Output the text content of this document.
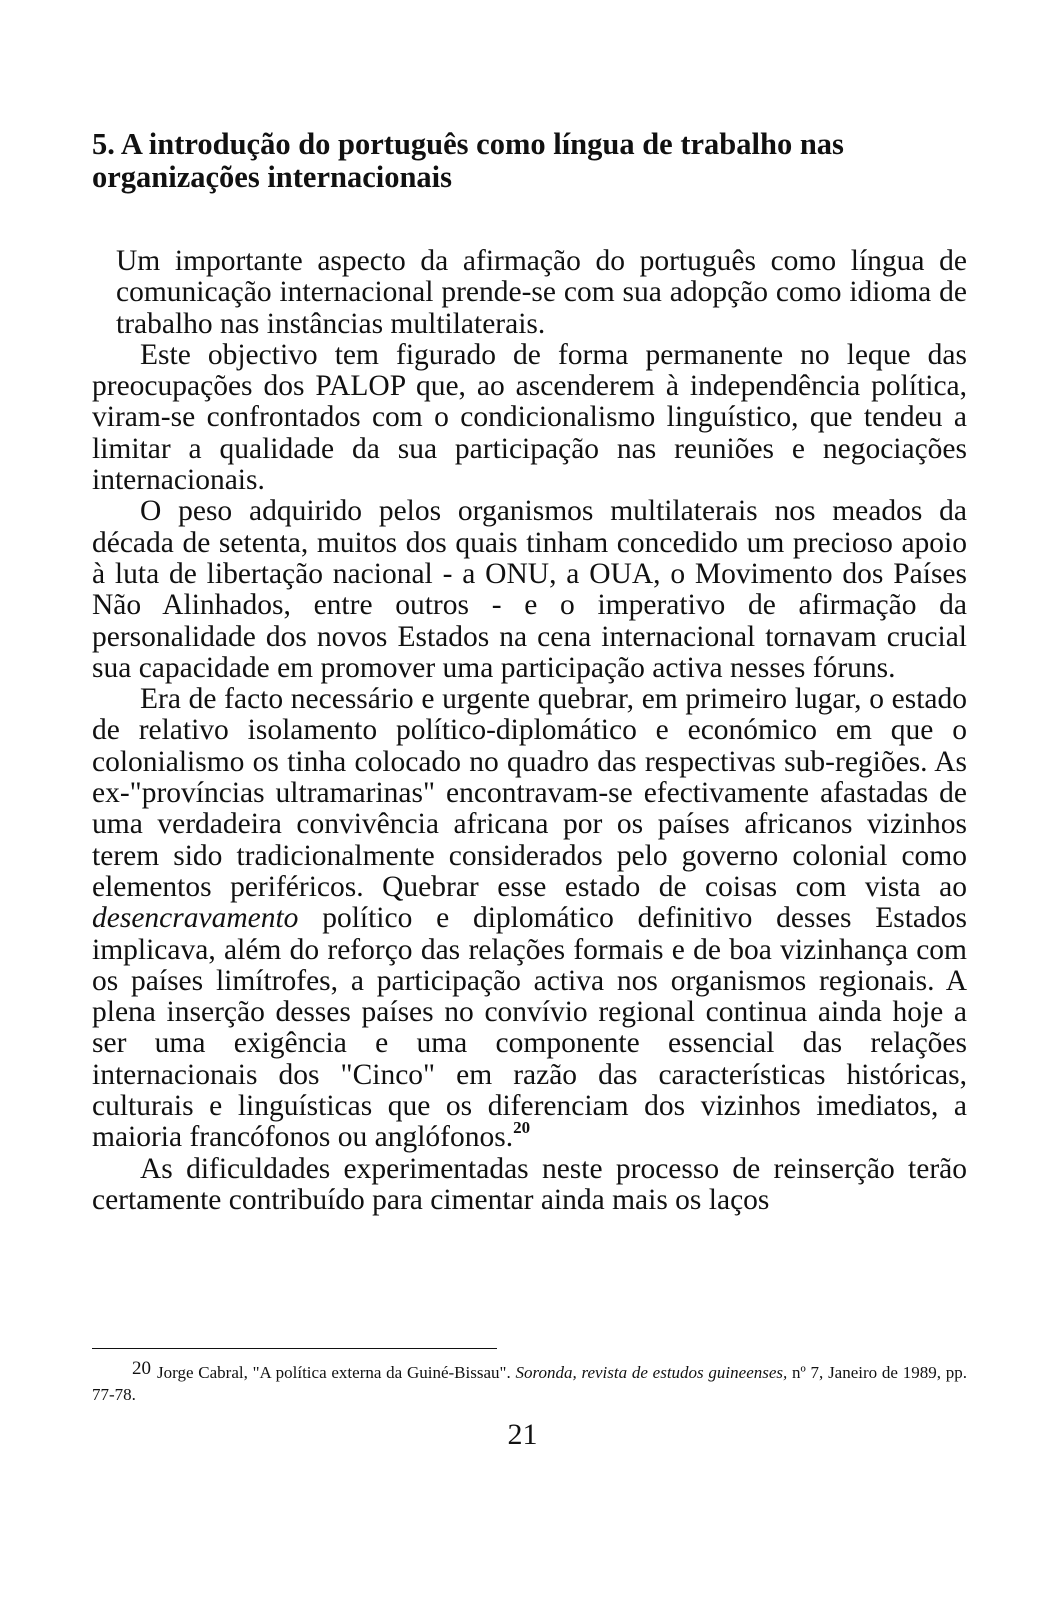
5. A introdução do português como língua de trabalho nas organizações internacionais

Um importante aspecto da afirmação do português como língua de comunicação internacional prende-se com sua adopção como idioma de trabalho nas instâncias multilaterais.

Este objectivo tem figurado de forma permanente no leque das preocupações dos PALOP que, ao ascenderem à independência política, viram-se confrontados com o condicionalismo linguístico, que tendeu a limitar a qualidade da sua participação nas reuniões e negociações internacionais.

O peso adquirido pelos organismos multilaterais nos meados da década de setenta, muitos dos quais tinham concedido um precioso apoio à luta de libertação nacional - a ONU, a OUA, o Movimento dos Países Não Alinhados, entre outros - e o imperativo de afirmação da personalidade dos novos Estados na cena internacional tornavam crucial sua capacidade em promover uma participação activa nesses fóruns.

Era de facto necessário e urgente quebrar, em primeiro lugar, o estado de relativo isolamento político-diplomático e económico em que o colonialismo os tinha colocado no quadro das respectivas sub-regiões. As ex-"províncias ultramarinas" encontravam-se efectivamente afastadas de uma verdadeira convivência africana por os países africanos vizinhos terem sido tradicionalmente considerados pelo governo colonial como elementos periféricos. Quebrar esse estado de coisas com vista ao desencravamento político e diplomático definitivo desses Estados implicava, além do reforço das relações formais e de boa vizinhança com os países limítrofes, a participação activa nos organismos regionais. A plena inserção desses países no convívio regional continua ainda hoje a ser uma exigência e uma componente essencial das relações internacionais dos "Cinco" em razão das características históricas, culturais e linguísticas que os diferenciam dos vizinhos imediatos, a maioria francófonos ou anglófonos.$^{20}$

As dificuldades experimentadas neste processo de reinserção terão certamente contribuído para cimentar ainda mais os laços

20 Jorge Cabral, "A política externa da Guiné-Bissau". Soronda, revista de estudos guineenses, nº 7, Janeiro de 1989, pp. 77-78.
21
